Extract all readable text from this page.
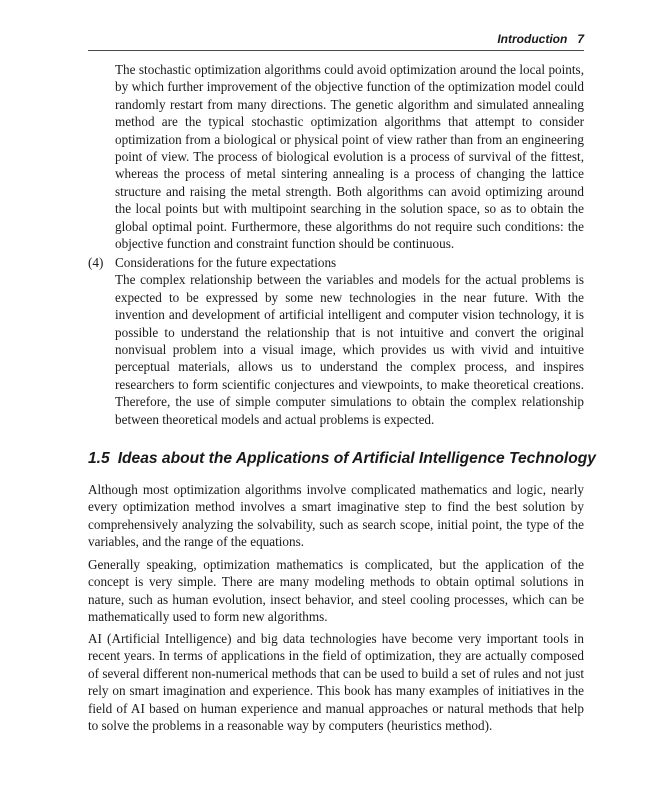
Introduction 7

The stochastic optimization algorithms could avoid optimization around the local points, by which further improvement of the objective function of the optimization model could randomly restart from many directions. The genetic algorithm and simulated annealing method are the typical stochastic optimization algorithms that attempt to consider optimization from a biological or physical point of view rather than from an engineering point of view. The process of biological evolution is a process of survival of the fittest, whereas the process of metal sintering annealing is a process of changing the lattice structure and raising the metal strength. Both algorithms can avoid optimizing around the local points but with multipoint searching in the solution space, so as to obtain the global optimal point. Furthermore, these algorithms do not require such conditions: the objective function and constraint function should be continuous.

(4) Considerations for the future expectations
The complex relationship between the variables and models for the actual problems is expected to be expressed by some new technologies in the near future. With the invention and development of artificial intelligent and computer vision technology, it is possible to understand the relationship that is not intuitive and convert the original nonvisual problem into a visual image, which provides us with vivid and intuitive perceptual materials, allows us to understand the complex process, and inspires researchers to form scientific conjectures and viewpoints, to make theoretical creations. Therefore, the use of simple computer simulations to obtain the complex relationship between theoretical models and actual problems is expected.
1.5 Ideas about the Applications of Artificial Intelligence Technology

Although most optimization algorithms involve complicated mathematics and logic, nearly every optimization method involves a smart imaginative step to find the best solution by comprehensively analyzing the solvability, such as search scope, initial point, the type of the variables, and the range of the equations.

Generally speaking, optimization mathematics is complicated, but the application of the concept is very simple. There are many modeling methods to obtain optimal solutions in nature, such as human evolution, insect behavior, and steel cooling processes, which can be mathematically used to form new algorithms.

AI (Artificial Intelligence) and big data technologies have become very important tools in recent years. In terms of applications in the field of optimization, they are actually composed of several different non-numerical methods that can be used to build a set of rules and not just rely on smart imagination and experience. This book has many examples of initiatives in the field of AI based on human experience and manual approaches or natural methods that help to solve the problems in a reasonable way by computers (heuristics method).
